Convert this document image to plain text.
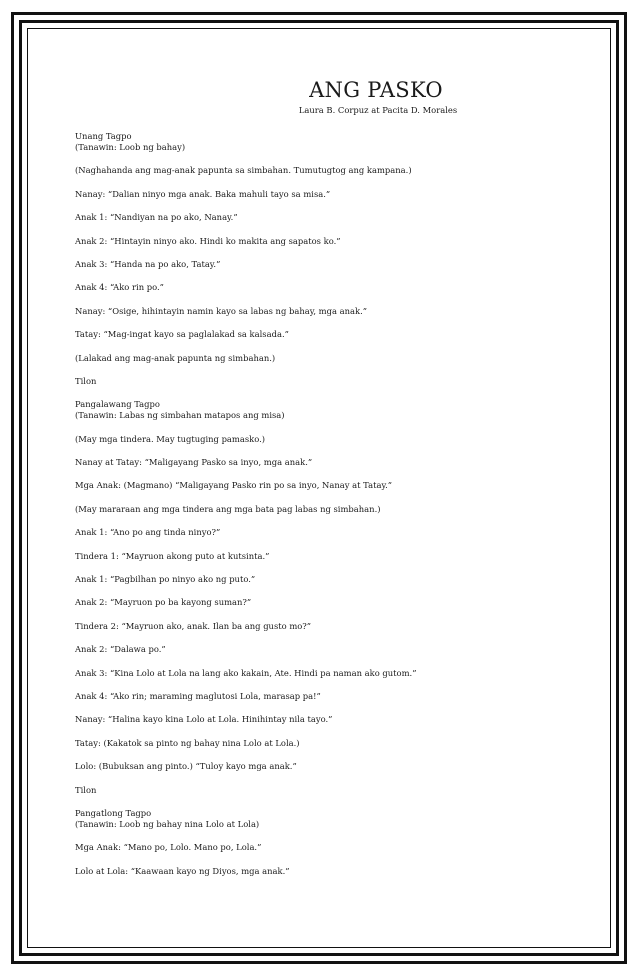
ANG PASKO
Laura B. Corpuz at Pacita D. Morales
Unang Tagpo
(Tanawin: Loob ng bahay)
(Naghahanda ang mag-anak papunta sa simbahan. Tumutugtog ang kampana.)
Nanay: “Dalian ninyo mga anak. Baka mahuli tayo sa misa.”
Anak 1: “Nandiyan na po ako, Nanay.”
Anak 2: “Hintayin ninyo ako. Hindi ko makita ang sapatos ko.”
Anak 3: “Handa na po ako, Tatay.”
Anak 4: “Ako rin po.”
Nanay: “Osige, hihintayin namin kayo sa labas ng bahay, mga anak.”
Tatay: “Mag-ingat kayo sa paglalakad sa kalsada.”
(Lalakad ang mag-anak papunta ng simbahan.)
Tilon
Pangalawang Tagpo
(Tanawin: Labas ng simbahan matapos ang misa)
(May mga tindera. May tugtuging pamasko.)
Nanay at Tatay: “Maligayang Pasko sa inyo, mga anak.”
Mga Anak: (Magmano) “Maligayang Pasko rin po sa inyo, Nanay at Tatay.”
(May mararaan ang mga tindera ang mga bata pag labas ng simbahan.)
Anak 1: “Ano po ang tinda ninyo?”
Tindera 1: “Mayruon akong puto at kutsinta.”
Anak 1: “Pagbilhan po ninyo ako ng puto.”
Anak 2: “Mayruon po ba kayong suman?”
Tindera 2: “Mayruon ako, anak. Ilan ba ang gusto mo?”
Anak 2: “Dalawa po.”
Anak 3: “Kina Lolo at Lola na lang ako kakain, Ate. Hindi pa naman ako gutom.”
Anak 4: “Ako rin; maraming maglutosi Lola, marasap pa!”
Nanay: “Halina kayo kina Lolo at Lola. Hinihintay nila tayo.”
Tatay: (Kakatok sa pinto ng bahay nina Lolo at Lola.)
Lolo: (Bubuksan ang pinto.) “Tuloy kayo mga anak.”
Tilon
Pangatlong Tagpo
(Tanawin: Loob ng bahay nina Lolo at Lola)
Mga Anak: “Mano po, Lolo. Mano po, Lola.”
Lolo at Lola: “Kaawaan kayo ng Diyos, mga anak.”
